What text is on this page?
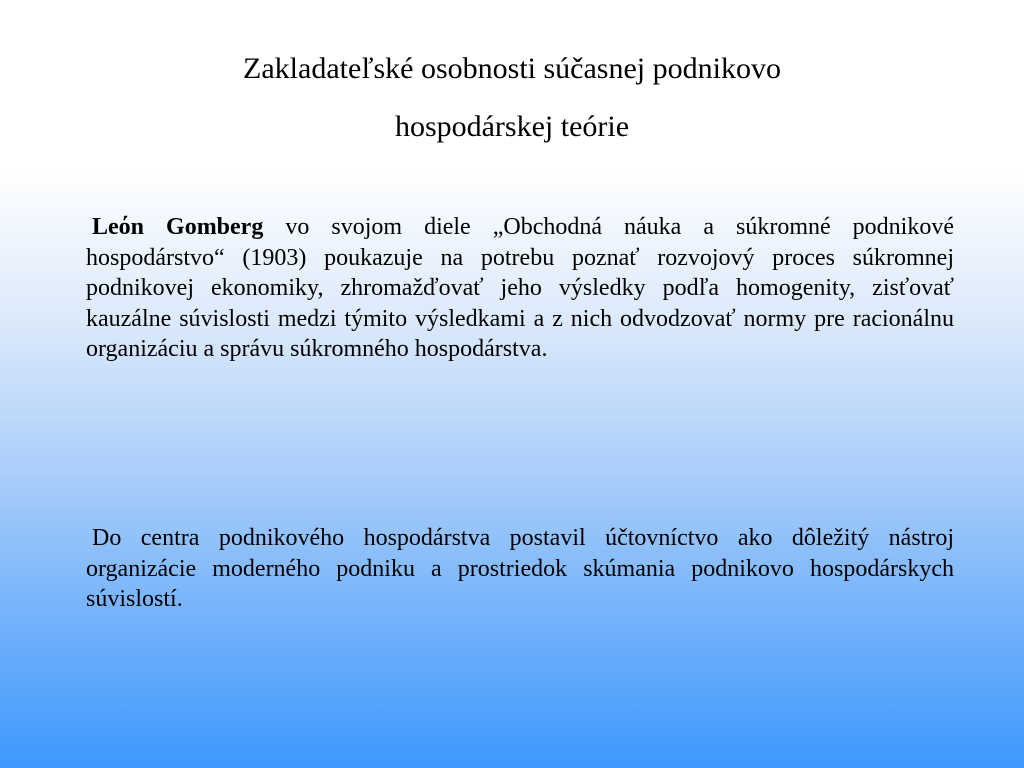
Zakladateľské osobnosti súčasnej podnikovo
hospodárskej teórie

Leόn Gomberg vo svojom diele „Obchodná náuka a súkromné podnikové hospodárstvo“ (1903) poukazuje na potrebu poznať rozvojový proces súkromnej podnikovej ekonomiky, zhromažďovať jeho výsledky podľa homogenity, zisťovať kauzálne súvislosti medzi týmito výsledkami a z nich odvodzovať normy pre racionálnu organizáciu a správu súkromného hospodárstva.

Do centra podnikového hospodárstva postavil účtovníctvo ako dôležitý nástroj organizácie moderného podniku a prostriedok skúmania podnikovo hospodárskych súvislostí.
